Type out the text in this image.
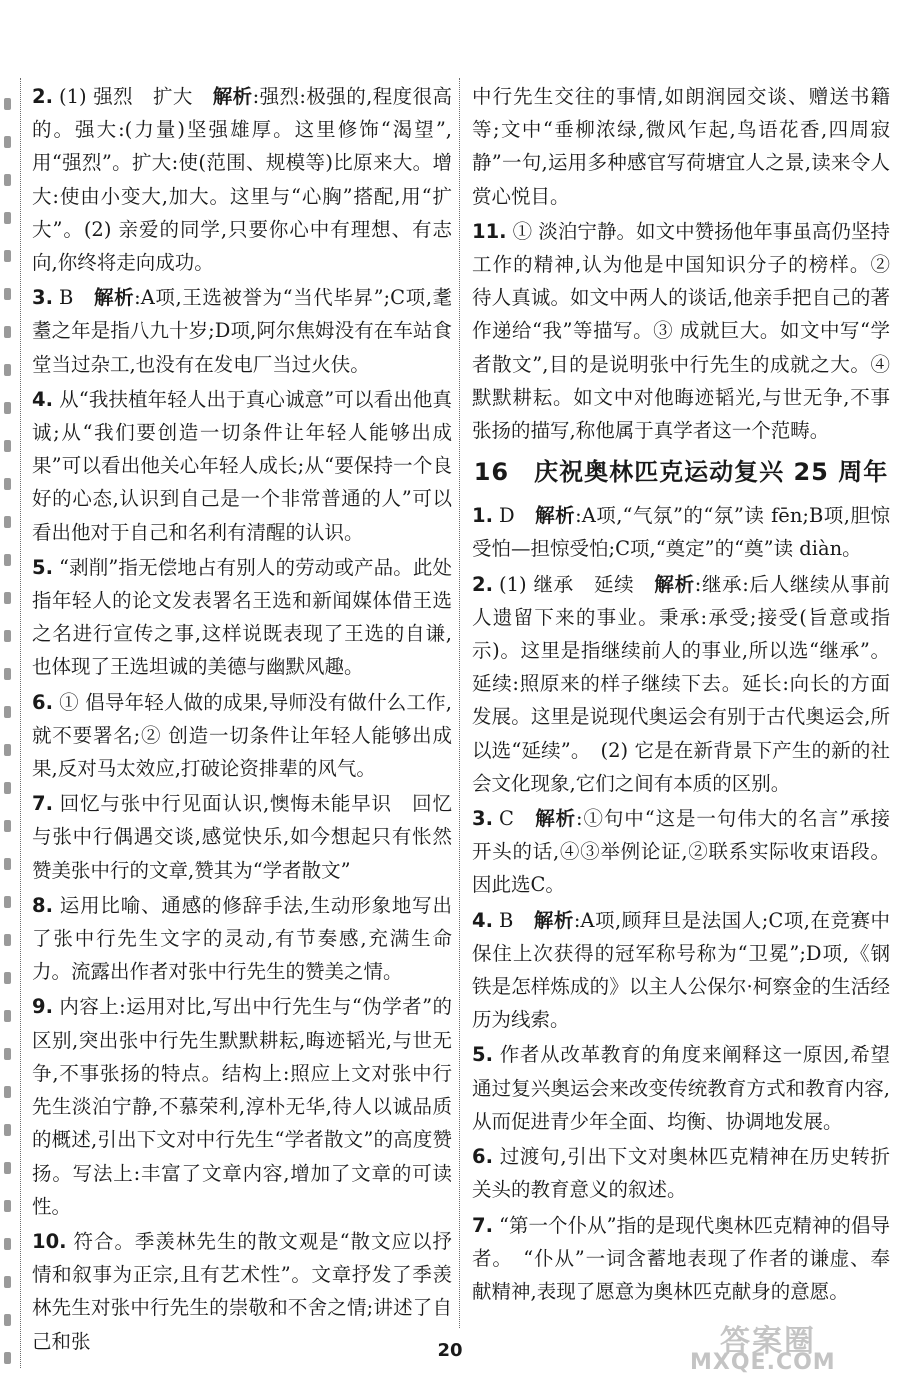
2. (1) 强烈　扩大　解析:强烈:极强的,程度很高的。强大:(力量)坚强雄厚。这里修饰“渴望”,用“强烈”。扩大:使(范围、规模等)比原来大。增大:使由小变大,加大。这里与“心胸”搭配,用“扩大”。(2) 亲爱的同学,只要你心中有理想、有志向,你终将走向成功。

3. B　解析:A项,王选被誉为“当代毕昇”;C项,耄耋之年是指八九十岁;D项,阿尔焦姆没有在车站食堂当过杂工,也没有在发电厂当过火伕。

4. 从“我扶植年轻人出于真心诚意”可以看出他真诚;从“我们要创造一切条件让年轻人能够出成果”可以看出他关心年轻人成长;从“要保持一个良好的心态,认识到自己是一个非常普通的人”可以看出他对于自己和名利有清醒的认识。

5. “剥削”指无偿地占有别人的劳动或产品。此处指年轻人的论文发表署名王选和新闻媒体借王选之名进行宣传之事,这样说既表现了王选的自谦,也体现了王选坦诚的美德与幽默风趣。

6. ① 倡导年轻人做的成果,导师没有做什么工作,就不要署名;② 创造一切条件让年轻人能够出成果,反对马太效应,打破论资排辈的风气。

7. 回忆与张中行见面认识,懊悔未能早识　回忆与张中行偶遇交谈,感觉快乐,如今想起只有怅然　赞美张中行的文章,赞其为“学者散文”

8. 运用比喻、通感的修辞手法,生动形象地写出了张中行先生文字的灵动,有节奏感,充满生命力。流露出作者对张中行先生的赞美之情。

9. 内容上:运用对比,写出中行先生与“伪学者”的区别,突出张中行先生默默耕耘,晦迹韬光,与世无争,不事张扬的特点。结构上:照应上文对张中行先生淡泊宁静,不慕荣利,淳朴无华,待人以诚品质的概述,引出下文对中行先生“学者散文”的高度赞扬。写法上:丰富了文章内容,增加了文章的可读性。

10. 符合。季羡林先生的散文观是“散文应以抒情和叙事为正宗,且有艺术性”。文章抒发了季羡林先生对张中行先生的崇敬和不舍之情;讲述了自己和张

中行先生交往的事情,如朗润园交谈、赠送书籍等;文中“垂柳浓绿,微风乍起,鸟语花香,四周寂静”一句,运用多种感官写荷塘宜人之景,读来令人赏心悦目。

11. ① 淡泊宁静。如文中赞扬他年事虽高仍坚持工作的精神,认为他是中国知识分子的榜样。② 待人真诚。如文中两人的谈话,他亲手把自己的著作递给“我”等描写。③ 成就巨大。如文中写“学者散文”,目的是说明张中行先生的成就之大。④ 默默耕耘。如文中对他晦迹韬光,与世无争,不事张扬的描写,称他属于真学者这一个范畴。

16　庆祝奥林匹克运动复兴 25 周年

1. D　解析:A项,“气氛”的“氛”读 fēn;B项,胆惊受怕—担惊受怕;C项,“奠定”的“奠”读 diàn。

2. (1) 继承　延续　解析:继承:后人继续从事前人遗留下来的事业。秉承:承受;接受(旨意或指示)。这里是指继续前人的事业,所以选“继承”。延续:照原来的样子继续下去。延长:向长的方面发展。这里是说现代奥运会有别于古代奥运会,所以选“延续”。　(2) 它是在新背景下产生的新的社会文化现象,它们之间有本质的区别。

3. C　解析:①句中“这是一句伟大的名言”承接开头的话,④③举例论证,②联系实际收束语段。因此选C。

4. B　解析:A项,顾拜旦是法国人;C项,在竞赛中保住上次获得的冠军称号称为“卫冕”;D项,《钢铁是怎样炼成的》以主人公保尔·柯察金的生活经历为线索。

5. 作者从改革教育的角度来阐释这一原因,希望通过复兴奥运会来改变传统教育方式和教育内容,从而促进青少年全面、均衡、协调地发展。

6. 过渡句,引出下文对奥林匹克精神在历史转折关头的教育意义的叙述。

7. “第一个仆从”指的是现代奥林匹克精神的倡导者。　“仆从”一词含蓄地表现了作者的谦虚、奉献精神,表现了愿意为奥林匹克献身的意愿。

20	答案圈
MXQE.COM
